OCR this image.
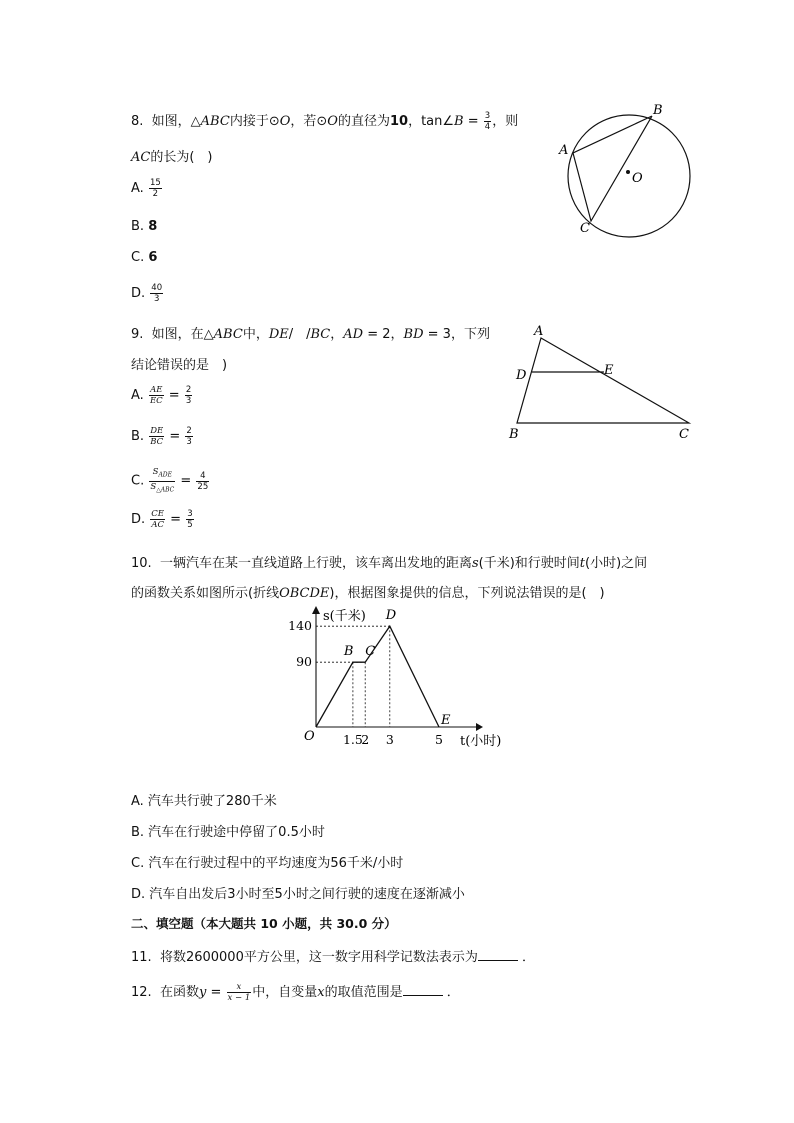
8. 如图，△ABC内接于⊙O，若⊙O的直径为10，tan∠B = $\frac{3}{4}$ ，则
AC的长为(　)
A. $\frac{15}{2}$
B. 8
C. 6
D. $\frac{40}{3}$
A
B
C
O
9. 如图，在△ABC中，DE/　/BC，AD = 2，BD = 3，下列
结论错误的是　)
A. $\frac{AE}{EC} = \frac{2}{3}$
B. $\frac{DE}{BC} = \frac{2}{3}$
C. $\frac{S_{ADE}}{S_{\triangle ABC}} = \frac{4}{25}$
D. $\frac{CE}{AC} = \frac{3}{5}$
A
D	E
B	C
10. 一辆汽车在某一直线道路上行驶，该车离出发地的距离s(千米)和行驶时间t(小时)之间
的函数关系如图所示(折线OBCDE)，根据图象提供的信息，下列说法错误的是(　)
s(千米)
t(小时)
O
B C
D
E
1.5
2 3	5
90
140
A. 汽车共行驶了280千米
B. 汽车在行驶途中停留了0.5小时
C. 汽车在行驶过程中的平均速度为56千米/小时
D. 汽车自出发后3小时至5小时之间行驶的速度在逐渐减小
二、填空题（本大题共 10 小题，共 30.0 分）
11. 将数2600000平方公里，这一数字用科学记数法表示为	．
12. 在函数$y = \frac{x}{x - 1}$ 中，自变量x的取值范围是	．
